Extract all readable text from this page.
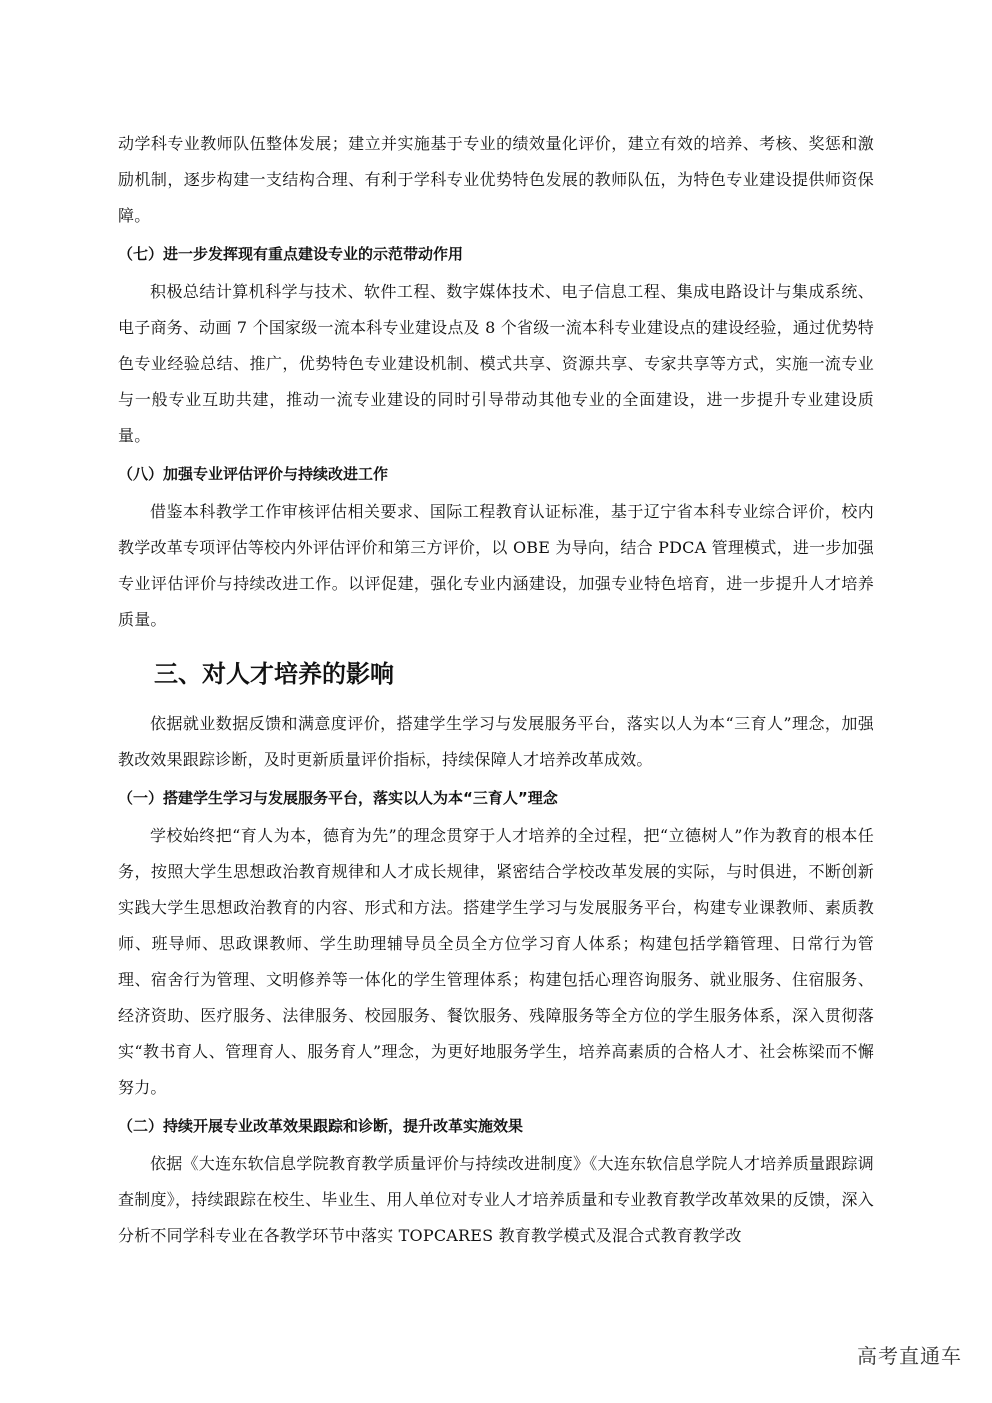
动学科专业教师队伍整体发展；建立并实施基于专业的绩效量化评价，建立有效的培养、考核、奖惩和激励机制，逐步构建一支结构合理、有利于学科专业优势特色发展的教师队伍，为特色专业建设提供师资保障。

（七）进一步发挥现有重点建设专业的示范带动作用

积极总结计算机科学与技术、软件工程、数字媒体技术、电子信息工程、集成电路设计与集成系统、电子商务、动画 7 个国家级一流本科专业建设点及 8 个省级一流本科专业建设点的建设经验，通过优势特色专业经验总结、推广，优势特色专业建设机制、模式共享、资源共享、专家共享等方式，实施一流专业与一般专业互助共建，推动一流专业建设的同时引导带动其他专业的全面建设，进一步提升专业建设质量。

（八）加强专业评估评价与持续改进工作

借鉴本科教学工作审核评估相关要求、国际工程教育认证标准，基于辽宁省本科专业综合评价，校内教学改革专项评估等校内外评估评价和第三方评价，以 OBE 为导向，结合 PDCA 管理模式，进一步加强专业评估评价与持续改进工作。以评促建，强化专业内涵建设，加强专业特色培育，进一步提升人才培养质量。

三、对人才培养的影响

依据就业数据反馈和满意度评价，搭建学生学习与发展服务平台，落实以人为本“三育人”理念，加强教改效果跟踪诊断，及时更新质量评价指标，持续保障人才培养改革成效。

（一）搭建学生学习与发展服务平台，落实以人为本“三育人”理念

学校始终把“育人为本，德育为先”的理念贯穿于人才培养的全过程，把“立德树人”作为教育的根本任务，按照大学生思想政治教育规律和人才成长规律，紧密结合学校改革发展的实际，与时俱进，不断创新实践大学生思想政治教育的内容、形式和方法。搭建学生学习与发展服务平台，构建专业课教师、素质教师、班导师、思政课教师、学生助理辅导员全员全方位学习育人体系；构建包括学籍管理、日常行为管理、宿舍行为管理、文明修养等一体化的学生管理体系；构建包括心理咨询服务、就业服务、住宿服务、经济资助、医疗服务、法律服务、校园服务、餐饮服务、残障服务等全方位的学生服务体系，深入贯彻落实“教书育人、管理育人、服务育人”理念，为更好地服务学生，培养高素质的合格人才、社会栋梁而不懈努力。

（二）持续开展专业改革效果跟踪和诊断，提升改革实施效果

依据《大连东软信息学院教育教学质量评价与持续改进制度》《大连东软信息学院人才培养质量跟踪调查制度》，持续跟踪在校生、毕业生、用人单位对专业人才培养质量和专业教育教学改革效果的反馈，深入分析不同学科专业在各教学环节中落实 TOPCARES 教育教学模式及混合式教育教学改

高考直通车
